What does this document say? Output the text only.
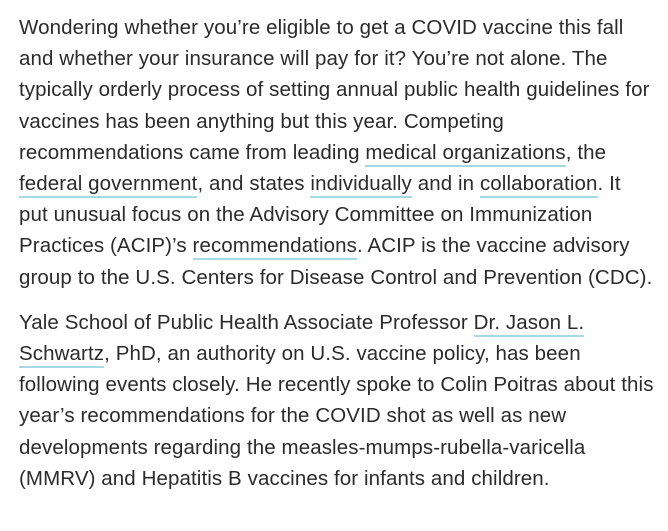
Wondering whether you’re eligible to get a COVID vaccine this fall
and whether your insurance will pay for it? You’re not alone. The
typically orderly process of setting annual public health guidelines for
vaccines has been anything but this year. Competing
recommendations came from leading medical organizations, the
federal government, and states individually and in collaboration. It
put unusual focus on the Advisory Committee on Immunization
Practices (ACIP)’s recommendations. ACIP is the vaccine advisory
group to the U.S. Centers for Disease Control and Prevention (CDC).

Yale School of Public Health Associate Professor Dr. Jason L.
Schwartz, PhD, an authority on U.S. vaccine policy, has been
following events closely. He recently spoke to Colin Poitras about this
year’s recommendations for the COVID shot as well as new
developments regarding the measles-mumps-rubella-varicella
(MMRV) and Hepatitis B vaccines for infants and children.
